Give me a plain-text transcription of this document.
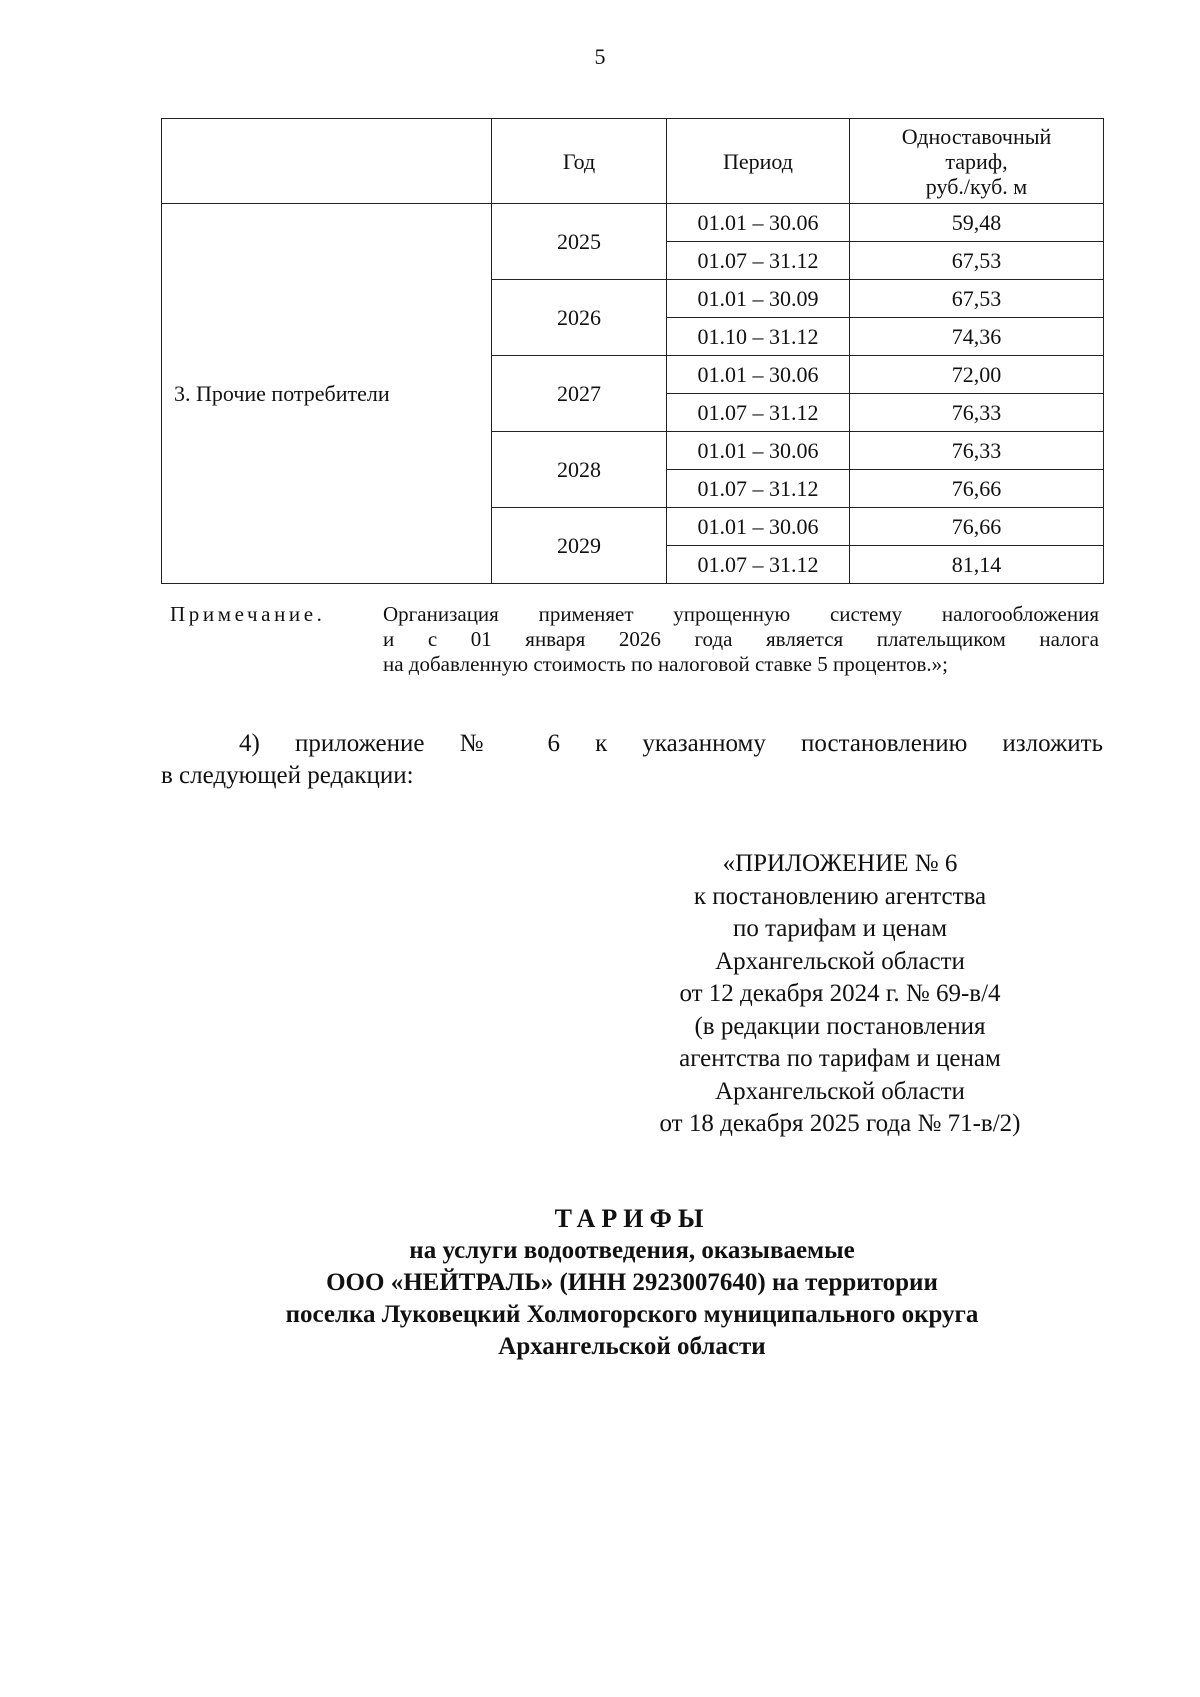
5
	Год	Период	Одноставочный
тариф,
руб./куб. м

3. Прочие потребители	2025	01.01 – 30.06	59,48
		01.07 – 31.12	67,53
	2026	01.01 – 30.09	67,53
		01.10 – 31.12	74,36
	2027	01.01 – 30.06	72,00
		01.07 – 31.12	76,33
	2028	01.01 – 30.06	76,33
		01.07 – 31.12	76,66
	2029	01.01 – 30.06	76,66
		01.07 – 31.12	81,14
Примечание.	Организация применяет упрощенную систему налогообложения
и с 01 января 2026 года является плательщиком налога
на добавленную стоимость по налоговой ставке 5 процентов.»;
4) приложение № 6 к указанному постановлению изложить
в следующей редакции:
«ПРИЛОЖЕНИЕ № 6
к постановлению агентства
по тарифам и ценам
Архангельской области
от 12 декабря 2024 г. № 69-в/4
(в редакции постановления
агентства по тарифам и ценам
Архангельской области
от 18 декабря 2025 года № 71-в/2)
ТАРИФЫ
на услуги водоотведения, оказываемые
ООО «НЕЙТРАЛЬ» (ИНН 2923007640) на территории
поселка Луковецкий Холмогорского муниципального округа
Архангельской области
